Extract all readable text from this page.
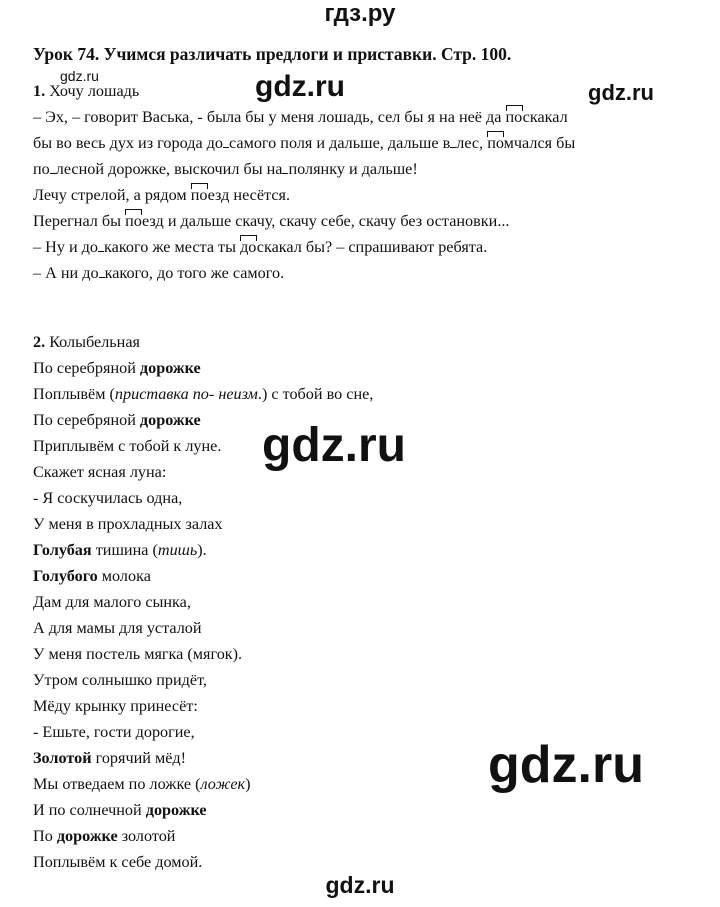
гдз.ру
Урок 74. Учимся различать предлоги и приставки. Стр. 100.
gdz.ru	gdz.ru	gdz.ru
gdz.ru
gdz.ru
gdz.ru
1. Хочу лошадь
– Эх, – говорит Васька, - была бы у меня лошадь, сел бы я на неё да поскакал
бы во весь дух из города до самого поля и дальше, дальше в лес, помчался бы
по лесной дорожке, выскочил бы на полянку и дальше!
Лечу стрелой, а рядом поезд несётся.
Перегнал бы поезд и дальше скачу, скачу себе, скачу без остановки...
– Ну и до какого же места ты доскакал бы? – спрашивают ребята.
– А ни до какого, до того же самого.
2. Колыбельная
По серебряной дорожке
Поплывём (приставка по- неизм.) с тобой во сне,
По серебряной дорожке
Приплывём с тобой к луне.
Скажет ясная луна:
- Я соскучилась одна,
У меня в прохладных залах
Голубая тишина (тишь).
Голубого молока
Дам для малого сынка,
А для мамы для усталой
У меня постель мягка (мягок).
Утром солнышко придёт,
Мёду крынку принесёт:
- Ешьте, гости дорогие,
Золотой горячий мёд!
Мы отведаем по ложке (ложек)
И по солнечной дорожке
По дорожке золотой
Поплывём к себе домой.
